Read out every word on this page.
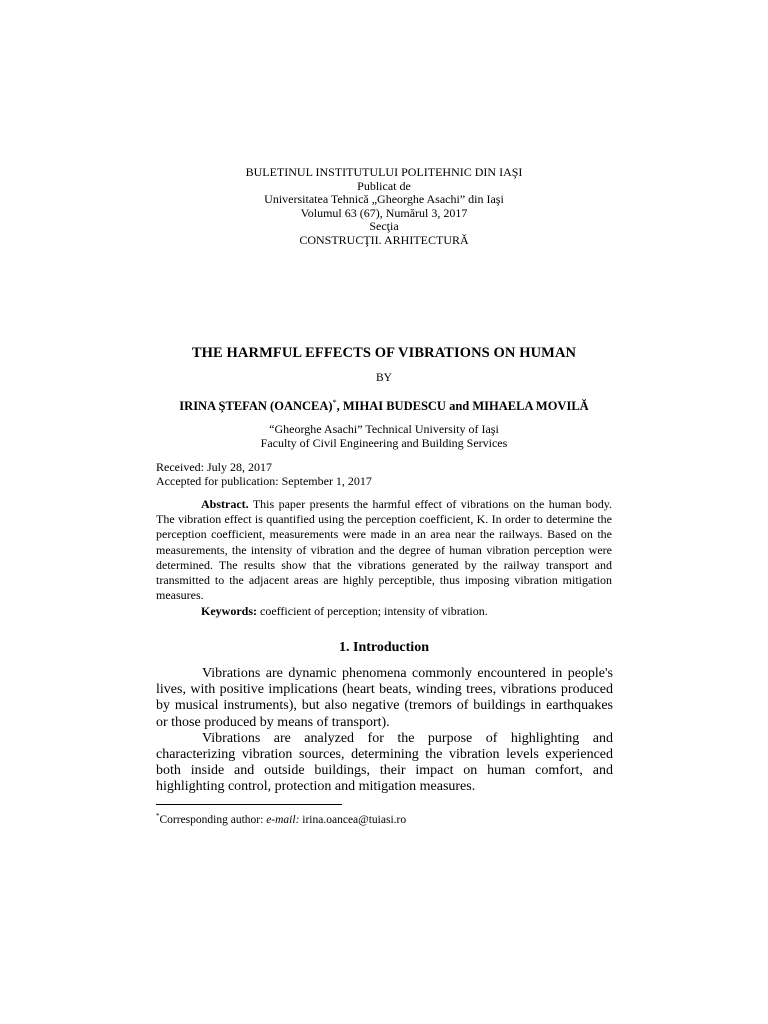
BULETINUL INSTITUTULUI POLITEHNIC DIN IAŞI
Publicat de
Universitatea Tehnică „Gheorghe Asachi” din Iaşi
Volumul 63 (67), Numărul 3, 2017
Secţia
CONSTRUCŢII. ARHITECTURĂ
THE HARMFUL EFFECTS OF VIBRATIONS ON HUMAN
BY
IRINA ŞTEFAN (OANCEA)*, MIHAI BUDESCU and MIHAELA MOVILĂ
“Gheorghe Asachi” Technical University of Iaşi
Faculty of Civil Engineering and Building Services
Received: July 28, 2017
Accepted for publication: September 1, 2017
Abstract. This paper presents the harmful effect of vibrations on the human body. The vibration effect is quantified using the perception coefficient, K. In order to determine the perception coefficient, measurements were made in an area near the railways. Based on the measurements, the intensity of vibration and the degree of human vibration perception were determined. The results show that the vibrations generated by the railway transport and transmitted to the adjacent areas are highly perceptible, thus imposing vibration mitigation measures.
Keywords: coefficient of perception; intensity of vibration.
1. Introduction

Vibrations are dynamic phenomena commonly encountered in people's lives, with positive implications (heart beats, winding trees, vibrations produced by musical instruments), but also negative (tremors of buildings in earthquakes or those produced by means of transport).

Vibrations are analyzed for the purpose of highlighting and characterizing vibration sources, determining the vibration levels experienced both inside and outside buildings, their impact on human comfort, and highlighting control, protection and mitigation measures.

*Corresponding author: e-mail: irina.oancea@tuiasi.ro
